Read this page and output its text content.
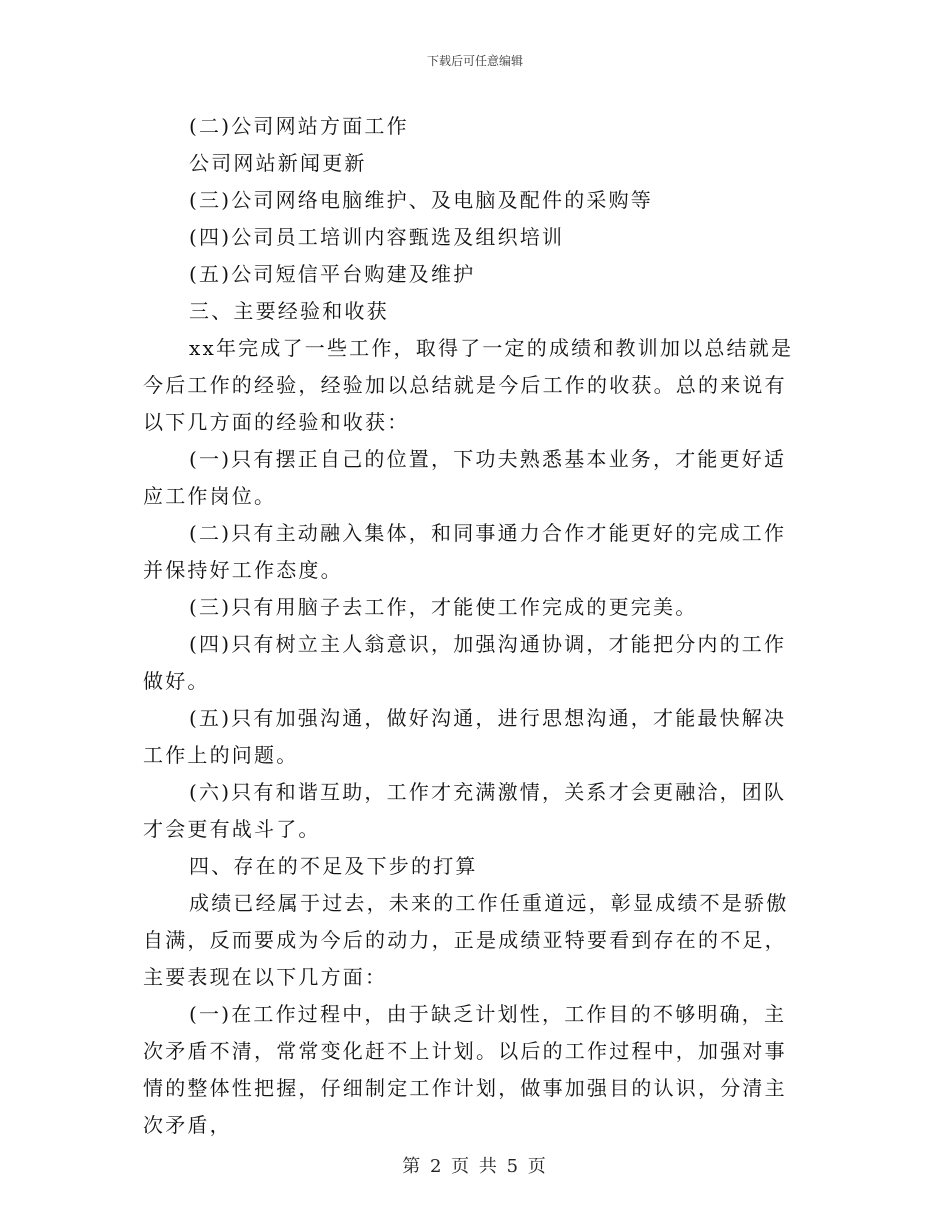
下载后可任意编辑

(二)公司网站方面工作

公司网站新闻更新

(三)公司网络电脑维护、及电脑及配件的采购等

(四)公司员工培训内容甄选及组织培训

(五)公司短信平台购建及维护

三、主要经验和收获

xx年完成了一些工作，取得了一定的成绩和教训加以总结就是今后工作的经验，经验加以总结就是今后工作的收获。总的来说有以下几方面的经验和收获：

(一)只有摆正自己的位置，下功夫熟悉基本业务，才能更好适应工作岗位。

(二)只有主动融入集体，和同事通力合作才能更好的完成工作并保持好工作态度。

(三)只有用脑子去工作，才能使工作完成的更完美。

(四)只有树立主人翁意识，加强沟通协调，才能把分内的工作做好。

(五)只有加强沟通，做好沟通，进行思想沟通，才能最快解决工作上的问题。

(六)只有和谐互助，工作才充满激情，关系才会更融洽，团队才会更有战斗了。

四、存在的不足及下步的打算

成绩已经属于过去，未来的工作任重道远，彰显成绩不是骄傲自满，反而要成为今后的动力，正是成绩亚特要看到存在的不足，主要表现在以下几方面：

(一)在工作过程中，由于缺乏计划性，工作目的不够明确，主次矛盾不清，常常变化赶不上计划。以后的工作过程中，加强对事情的整体性把握，仔细制定工作计划，做事加强目的认识，分清主次矛盾，

第 2 页 共 5 页
